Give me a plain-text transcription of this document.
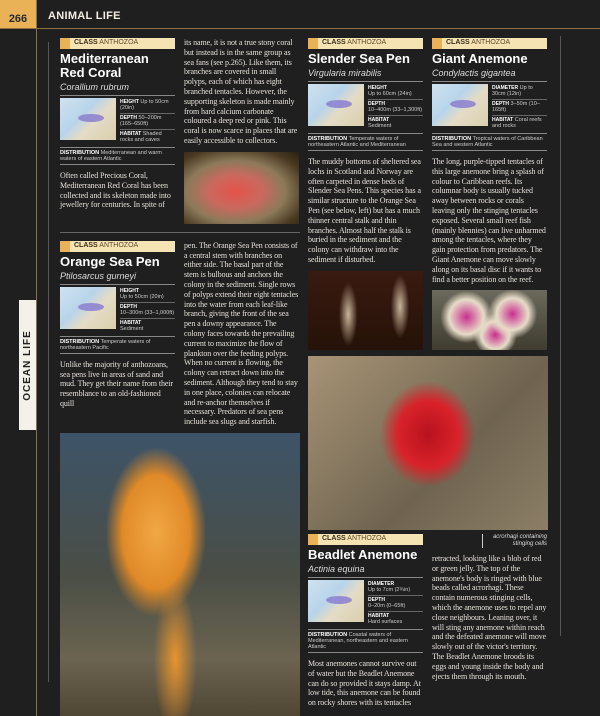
266	ANIMAL LIFE
OCEAN LIFE
CLASS ANTHOZOA
Mediterranean Red Coral
Corallium rubrum
HEIGHT Up to 50cm (20in)
DEPTH 50–200m (165–650ft)
HABITAT Shaded rocks and caves
DISTRIBUTION Mediterranean and warm waters of eastern Atlantic
Often called Precious Coral, Mediterranean Red Coral has been collected and its skeleton made into jewellery for centuries. In spite of
its name, it is not a true stony coral but instead is in the same group as sea fans (see p.265). Like them, its branches are covered in small polyps, each of which has eight branched tentacles. However, the supporting skeleton is made mainly from hard calcium carbonate coloured a deep red or pink. This coral is now scarce in places that are easily accessible to collectors.
CLASS ANTHOZOA
Orange Sea Pen
Ptilosarcus gurneyi
HEIGHT
Up to 50cm (20in)
DEPTH
10–300m (33–1,000ft)
HABITAT
Sediment
DISTRIBUTION Temperate waters of northeastern Pacific
Unlike the majority of anthozoans, sea pens live in areas of sand and mud. They get their name from their resemblance to an old-fashioned quill
pen. The Orange Sea Pen consists of a central stem with branches on either side. The basal part of the stem is bulbous and anchors the colony in the sediment. Single rows of polyps extend their eight tentacles into the water from each leaf-like branch, giving the front of the sea pen a downy appearance. The colony faces towards the prevailing current to maximize the flow of plankton over the feeding polyps. When no current is flowing, the colony can retract down into the sediment. Although they tend to stay in one place, colonies can relocate and re-anchor themselves if necessary. Predators of sea pens include sea slugs and starfish.
CLASS ANTHOZOA
Slender Sea Pen
Virgularia mirabilis
HEIGHT
Up to 60cm (24in)
DEPTH
10–400m (33–1,300ft)
HABITAT
Sediment
DISTRIBUTION Temperate waters of northeastern Atlantic and Mediterranean
The muddy bottoms of sheltered sea lochs in Scotland and Norway are often carpeted in dense beds of Slender Sea Pens. This species has a similar structure to the Orange Sea Pen (see below, left) but has a much thinner central stalk and thin branches. Almost half the stalk is buried in the sediment and the colony can withdraw into the sediment if disturbed.
CLASS ANTHOZOA
Giant Anemone
Condylactis gigantea
DIAMETER Up to 30cm (12in)
DEPTH 3–50m (10–165ft)
HABITAT Coral reefs and rocks
DISTRIBUTION Tropical waters of Caribbean Sea and western Atlantic
The long, purple-tipped tentacles of this large anemone bring a splash of colour to Caribbean reefs. Its columnar body is usually tucked away between rocks or corals leaving only the stinging tentacles exposed. Several small reef fish (mainly blennies) can live unharmed among the tentacles, where they gain protection from predators. The Giant Anemone can move slowly along on its basal disc if it wants to find a better position on the reef.
CLASS ANTHOZOA
Beadlet Anemone
Actinia equina
DIAMETER
Up to 7cm (2¾in)
DEPTH
0–20m (0–65ft)
HABITAT
Hard surfaces
DISTRIBUTION Coastal waters of Mediterranean, northeastern and eastern Atlantic
Most anemones cannot survive out of water but the Beadlet Anemone can do so provided it stays damp. At low tide, this anemone can be found on rocky shores with its tentacles
acrorhagi containing stinging cells
retracted, looking like a blob of red or green jelly. The top of the anemone's body is ringed with blue beads called acrorhagi. These contain numerous stinging cells, which the anemone uses to repel any close neighbours. Leaning over, it will sting any anemone within reach and the defeated anemone will move slowly out of the victor's territory. The Beadlet Anemone broods its eggs and young inside the body and ejects them through its mouth.
